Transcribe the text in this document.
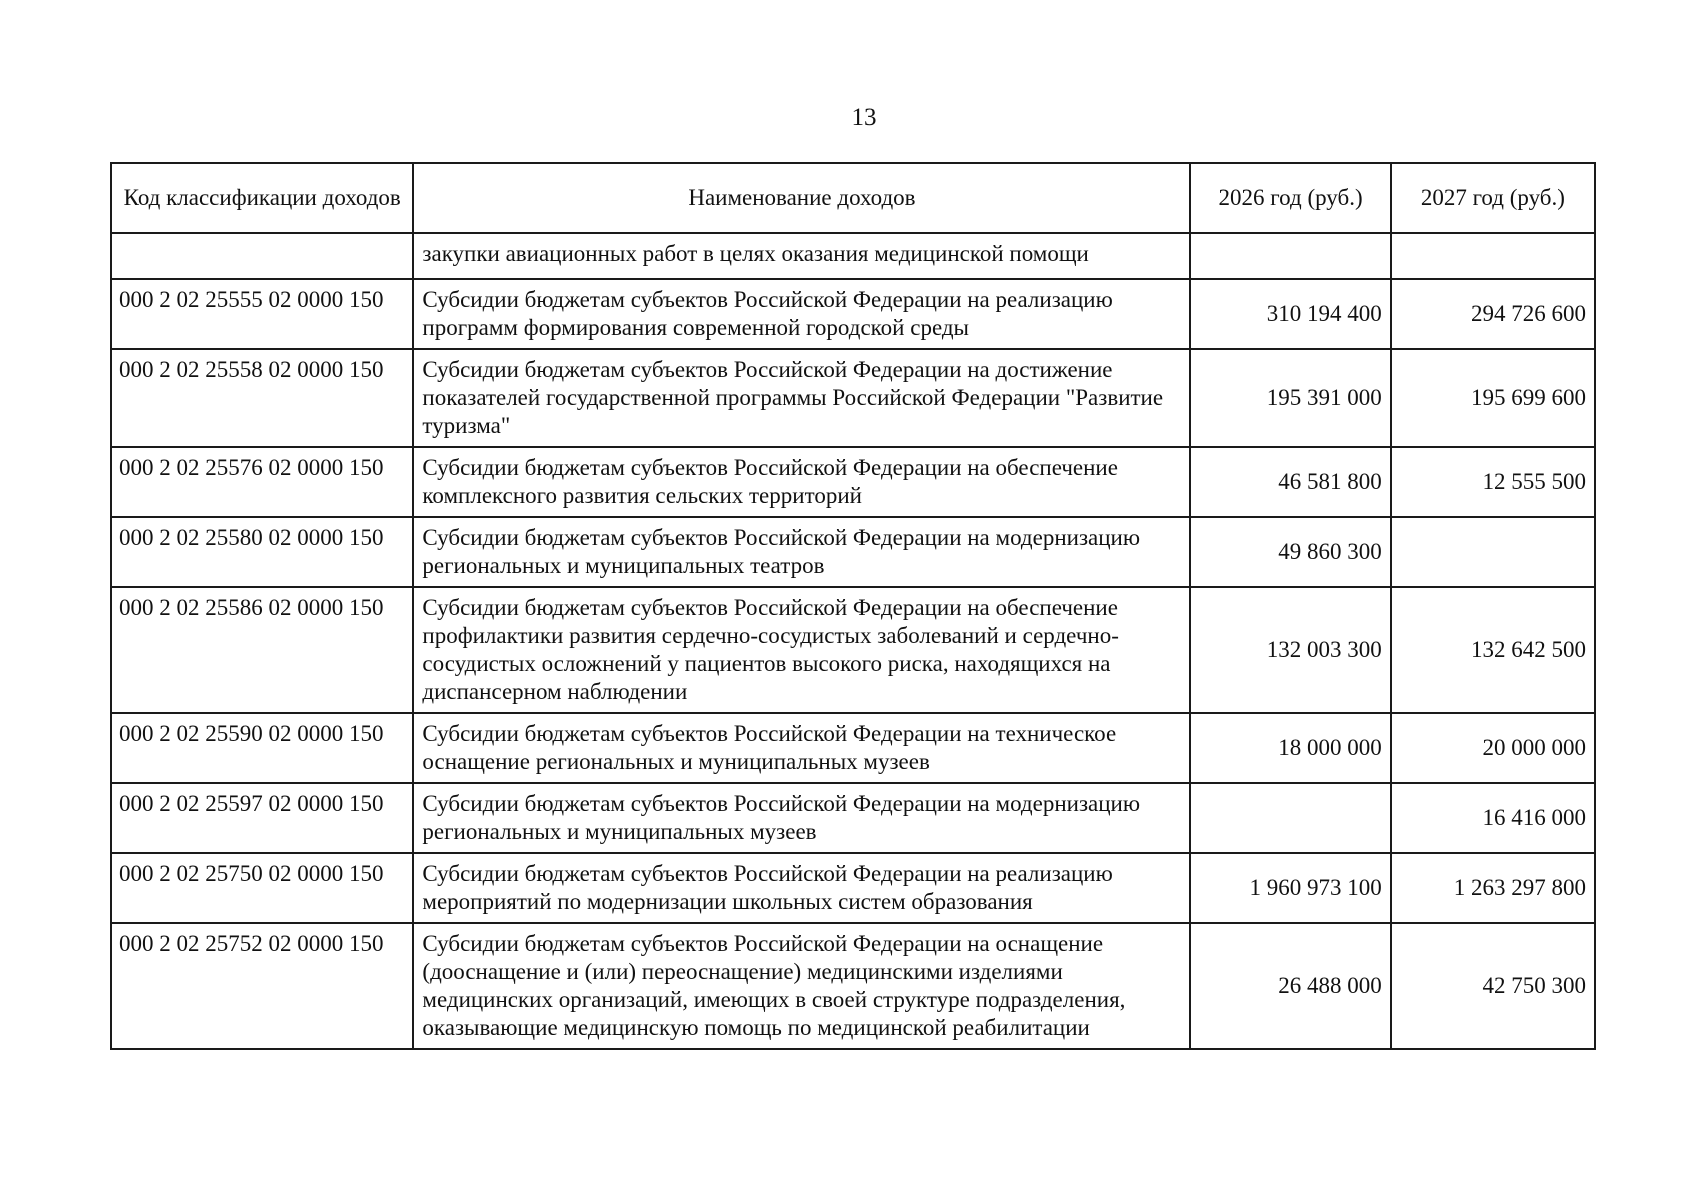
13
Код классификации доходов	Наименование доходов	2026 год (руб.)	2027 год (руб.)
	закупки авиационных работ в целях оказания медицинской помощи		
000 2 02 25555 02 0000 150	Субсидии бюджетам субъектов Российской Федерации на реализацию программ формирования современной городской среды	310 194 400	294 726 600
000 2 02 25558 02 0000 150	Субсидии бюджетам субъектов Российской Федерации на достижение показателей государственной программы Российской Федерации "Развитие туризма"	195 391 000	195 699 600
000 2 02 25576 02 0000 150	Субсидии бюджетам субъектов Российской Федерации на обеспечение комплексного развития сельских территорий	46 581 800	12 555 500
000 2 02 25580 02 0000 150	Субсидии бюджетам субъектов Российской Федерации на модернизацию региональных и муниципальных театров	49 860 300	
000 2 02 25586 02 0000 150	Субсидии бюджетам субъектов Российской Федерации на обеспечение профилактики развития сердечно-сосудистых заболеваний и сердечно-сосудистых осложнений у пациентов высокого риска, находящихся на диспансерном наблюдении	132 003 300	132 642 500
000 2 02 25590 02 0000 150	Субсидии бюджетам субъектов Российской Федерации на техническое оснащение региональных и муниципальных музеев	18 000 000	20 000 000
000 2 02 25597 02 0000 150	Субсидии бюджетам субъектов Российской Федерации на модернизацию региональных и муниципальных музеев		16 416 000
000 2 02 25750 02 0000 150	Субсидии бюджетам субъектов Российской Федерации на реализацию мероприятий по модернизации школьных систем образования	1 960 973 100	1 263 297 800
000 2 02 25752 02 0000 150	Субсидии бюджетам субъектов Российской Федерации на оснащение (дооснащение и (или) переоснащение) медицинскими изделиями медицинских организаций, имеющих в своей структуре подразделения, оказывающие медицинскую помощь по медицинской реабилитации	26 488 000	42 750 300
